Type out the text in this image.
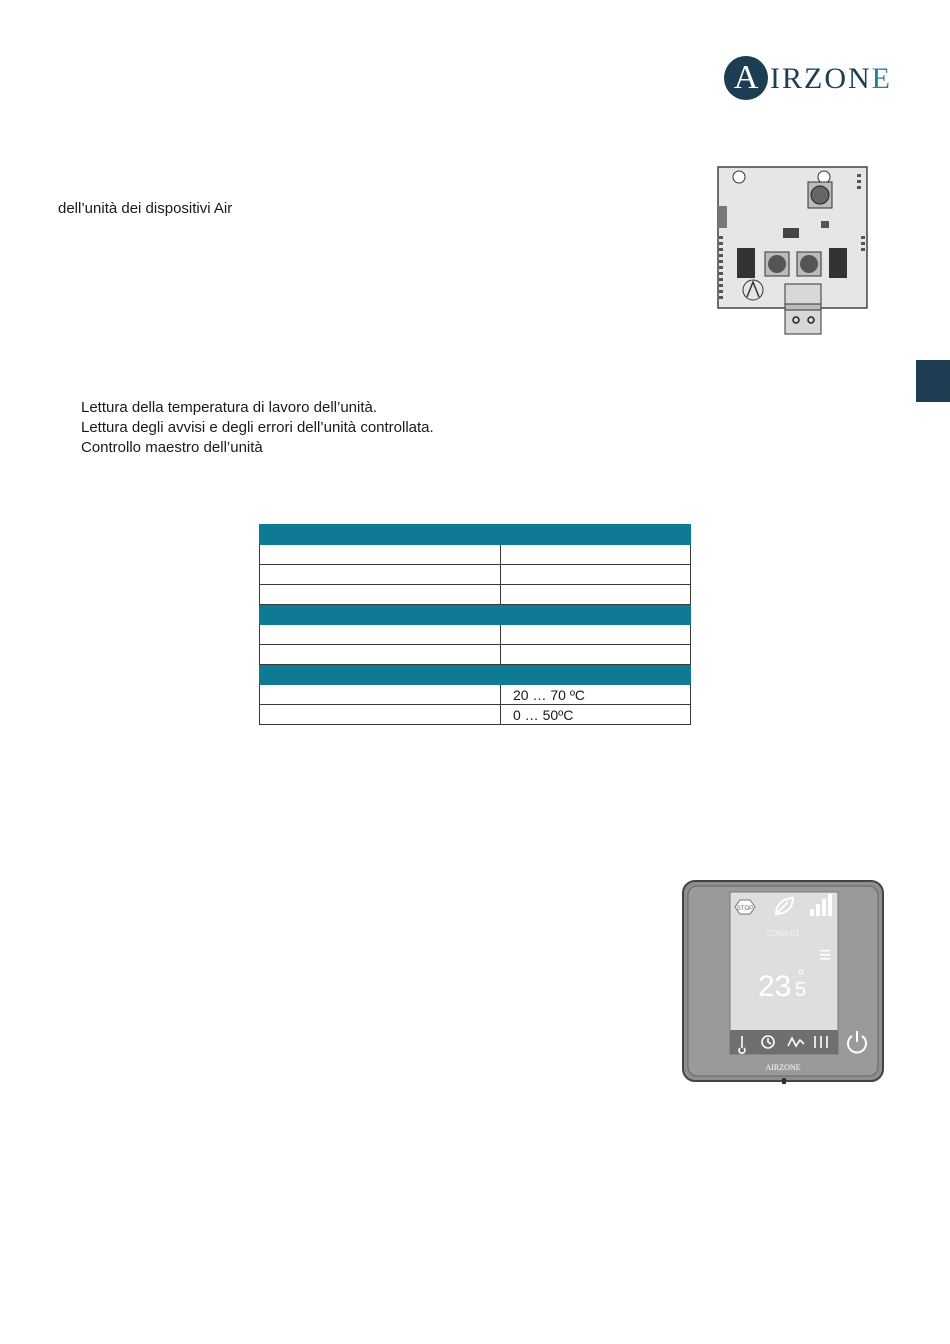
A IRZONE
dell’unità dei dispositivi Air
Lettura della temperatura di lavoro dell’unità.
Lettura degli avvisi e degli errori dell’unità controllata.
Controllo maestro dell’unità

	20 … 70 ºC
	0 … 50ºC
STOP
ZONA 01
23 5
AIRZONE
